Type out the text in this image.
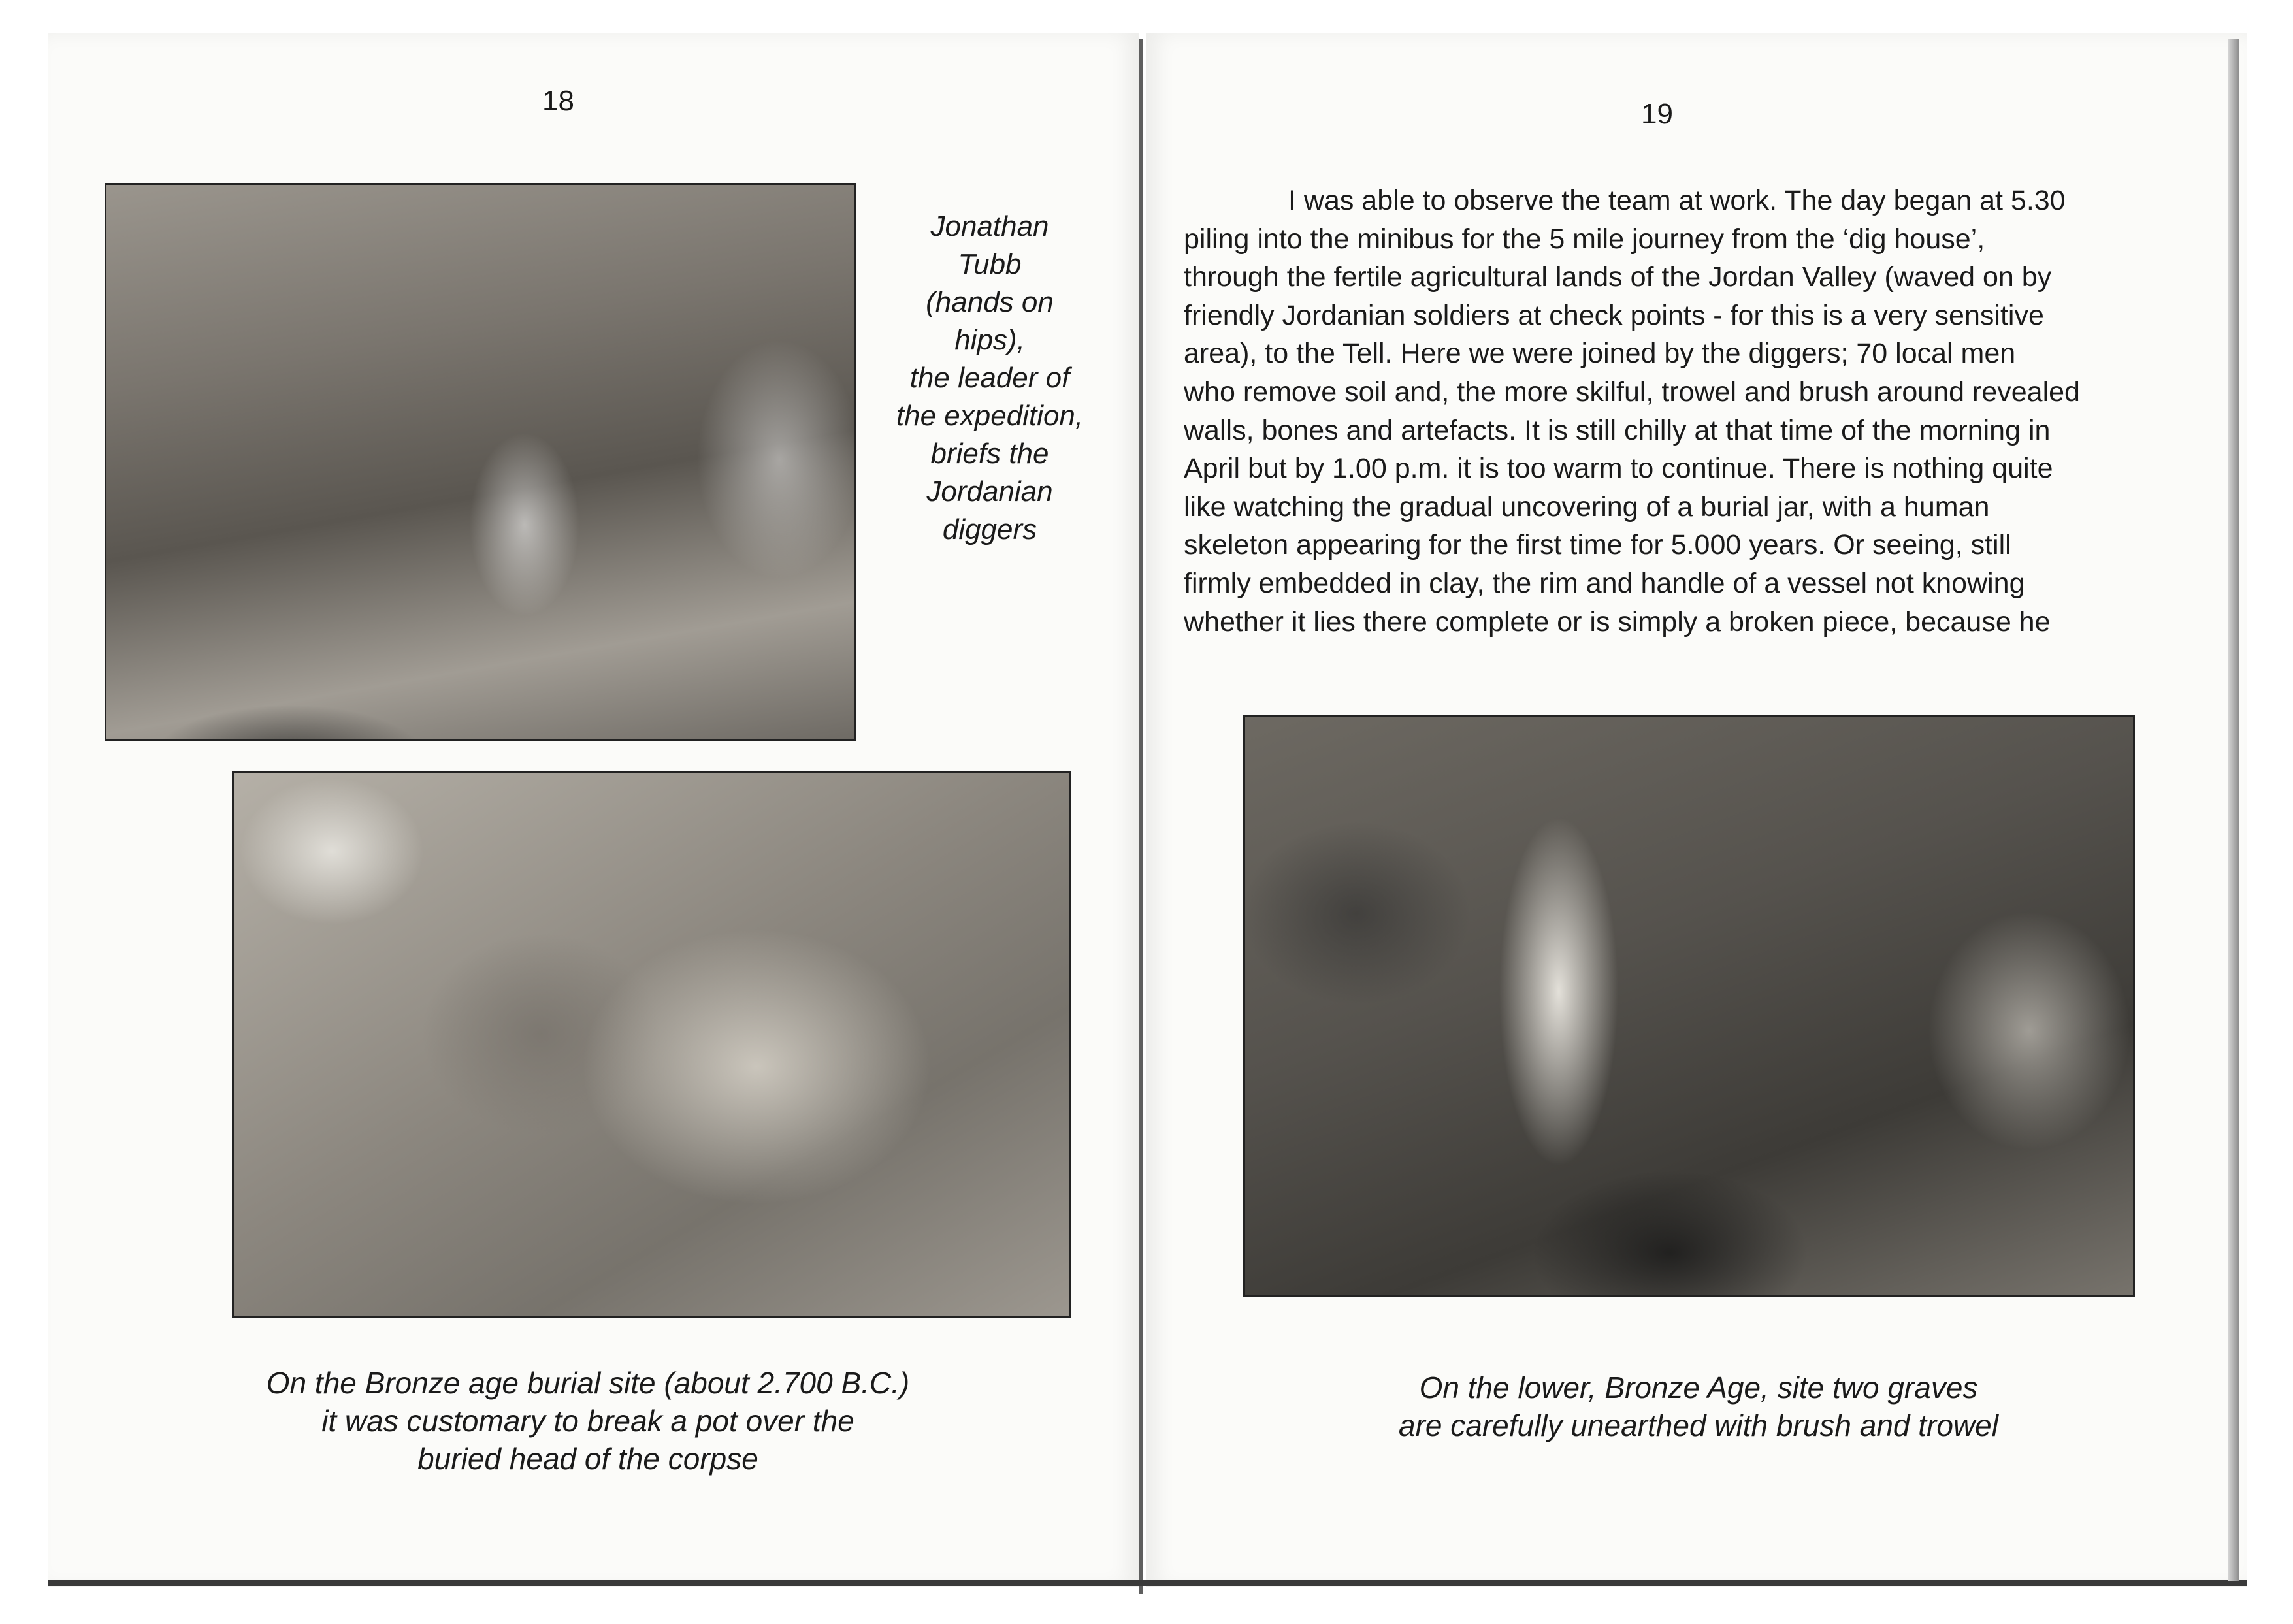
18	19
Jonathan
Tubb
(hands on
hips),
the leader of
the expedition,
briefs the
Jordanian
diggers
On the Bronze age burial site (about 2.700 B.C.)
it was customary to break a pot over the
buried head of the corpse
I was able to observe the team at work. The day began at 5.30
piling into the minibus for the 5 mile journey from the ‘dig house’,
through the fertile agricultural lands of the Jordan Valley (waved on by
friendly Jordanian soldiers at check points - for this is a very sensitive
area), to the Tell. Here we were joined by the diggers; 70 local men
who remove soil and, the more skilful, trowel and brush around revealed
walls, bones and artefacts. It is still chilly at that time of the morning in
April but by 1.00 p.m. it is too warm to continue. There is nothing quite
like watching the gradual uncovering of a burial jar, with a human
skeleton appearing for the first time for 5.000 years. Or seeing, still
firmly embedded in clay, the rim and handle of a vessel not knowing
whether it lies there complete or is simply a broken piece, because he
On the lower, Bronze Age, site two graves
are carefully unearthed with brush and trowel
